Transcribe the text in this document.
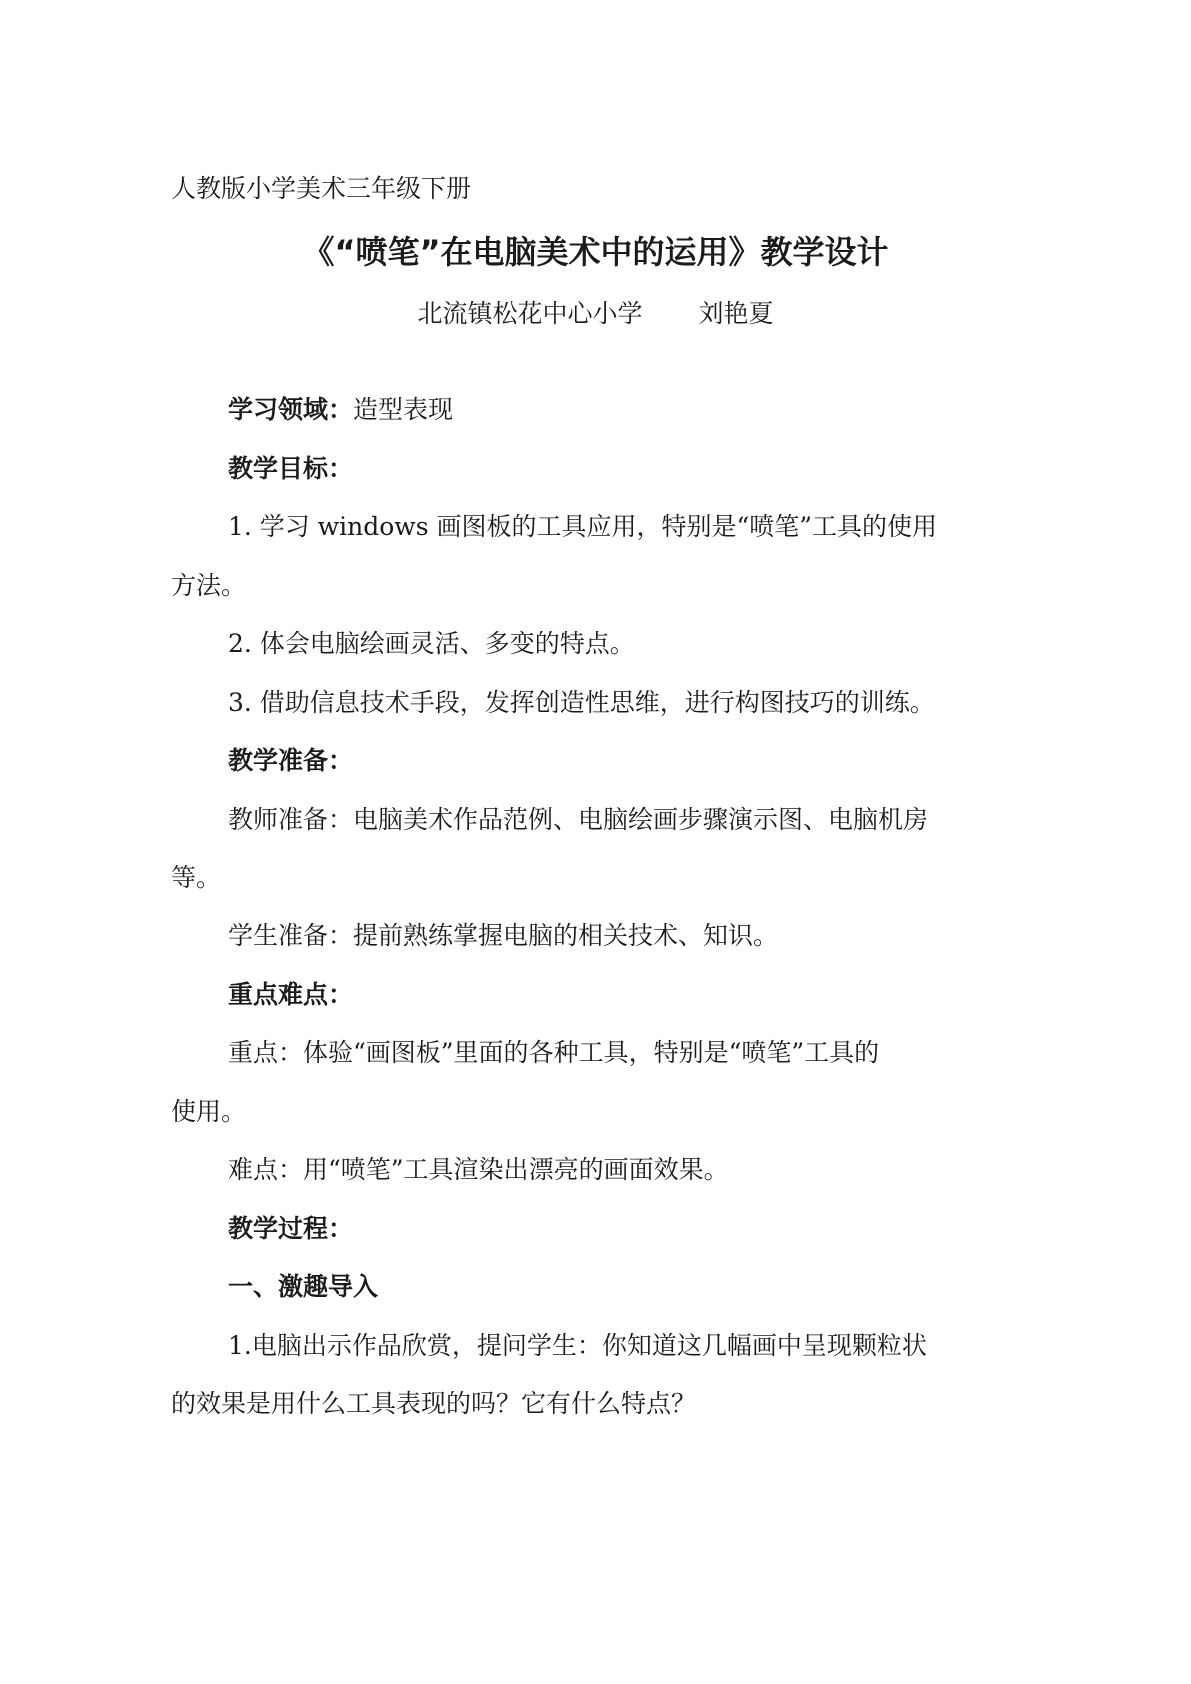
人教版小学美术三年级下册
《“喷笔”在电脑美术中的运用》教学设计
北流镇松花中心小学 刘艳夏
学习领域：造型表现
教学目标：
1. 学习 windows 画图板的工具应用，特别是“喷笔”工具的使用
方法。
2. 体会电脑绘画灵活、多变的特点。
3. 借助信息技术手段，发挥创造性思维，进行构图技巧的训练。
教学准备：
教师准备：电脑美术作品范例、电脑绘画步骤演示图、电脑机房
等。
学生准备：提前熟练掌握电脑的相关技术、知识。
重点难点：
重点：体验“画图板”里面的各种工具，特别是“喷笔”工具的
使用。
难点：用“喷笔”工具渲染出漂亮的画面效果。
教学过程：
一、激趣导入
1.电脑出示作品欣赏，提问学生：你知道这几幅画中呈现颗粒状
的效果是用什么工具表现的吗？它有什么特点？
